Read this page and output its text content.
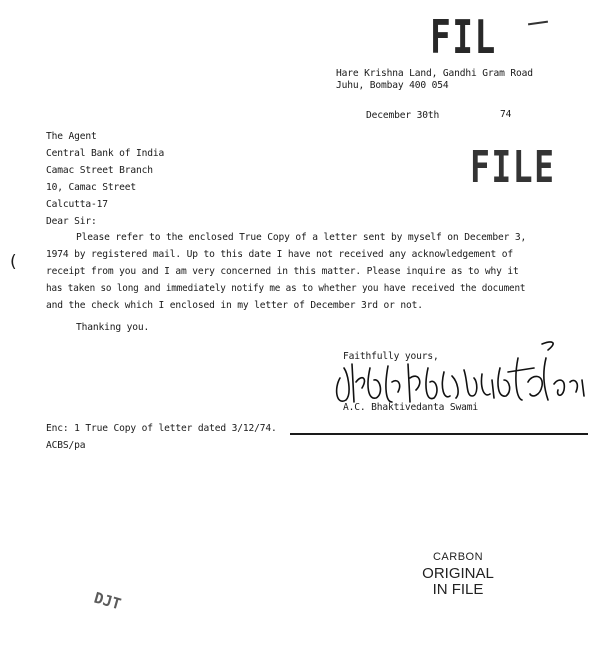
FIL
FILE
Hare Krishna Land, Gandhi Gram Road
Juhu, Bombay 400 054
December 30th	74
The Agent
Central Bank of India
Camac Street Branch
10, Camac Street
Calcutta-17
Dear Sir:
(
Please refer to the enclosed True Copy of a letter sent by myself on December 3,
1974 by registered mail. Up to this date I have not received any acknowledgement of
receipt from you and I am very concerned in this matter. Please inquire as to why it
has taken so long and immediately notify me as to whether you have received the document
and the check which I enclosed in my letter of December 3rd or not.
Thanking you.
Faithfully yours,
A.C. Bhaktivedanta Swami
Enc: 1 True Copy of letter dated 3/12/74.
ACBS/pa
CARBON
ORIGINAL
IN FILE
DJT
